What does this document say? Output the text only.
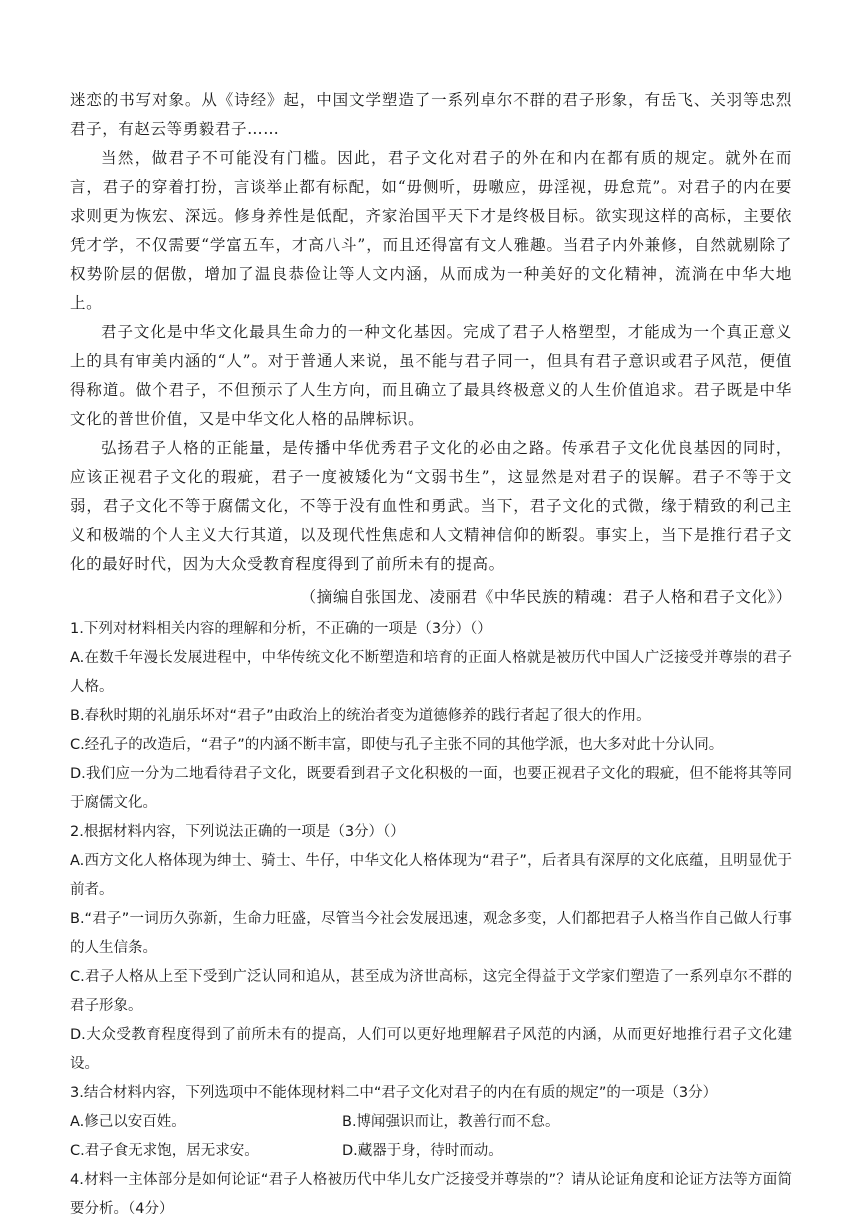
迷恋的书写对象。从《诗经》起，中国文学塑造了一系列卓尔不群的君子形象，有岳飞、关羽等忠烈君子，有赵云等勇毅君子……

当然，做君子不可能没有门槛。因此，君子文化对君子的外在和内在都有质的规定。就外在而言，君子的穿着打扮，言谈举止都有标配，如“毋侧听，毋噭应，毋淫视，毋怠荒”。对君子的内在要求则更为恢宏、深远。修身养性是低配，齐家治国平天下才是终极目标。欲实现这样的高标，主要依凭才学，不仅需要“学富五车，才高八斗”，而且还得富有文人雅趣。当君子内外兼修，自然就剔除了权势阶层的倨傲，增加了温良恭俭让等人文内涵，从而成为一种美好的文化精神，流淌在中华大地上。

君子文化是中华文化最具生命力的一种文化基因。完成了君子人格塑型，才能成为一个真正意义上的具有审美内涵的“人”。对于普通人来说，虽不能与君子同一，但具有君子意识或君子风范，便值得称道。做个君子，不但预示了人生方向，而且确立了最具终极意义的人生价值追求。君子既是中华文化的普世价值，又是中华文化人格的品牌标识。

弘扬君子人格的正能量，是传播中华优秀君子文化的必由之路。传承君子文化优良基因的同时，应该正视君子文化的瑕疵，君子一度被矮化为“文弱书生”，这显然是对君子的误解。君子不等于文弱，君子文化不等于腐儒文化，不等于没有血性和勇武。当下，君子文化的式微，缘于精致的利己主义和极端的个人主义大行其道，以及现代性焦虑和人文精神信仰的断裂。事实上，当下是推行君子文化的最好时代，因为大众受教育程度得到了前所未有的提高。

（摘编自张国龙、凌丽君《中华民族的精魂：君子人格和君子文化》）

1.下列对材料相关内容的理解和分析，不正确的一项是（3分）（）

A.在数千年漫长发展进程中，中华传统文化不断塑造和培育的正面人格就是被历代中国人广泛接受并尊崇的君子人格。

B.春秋时期的礼崩乐坏对“君子”由政治上的统治者变为道德修养的践行者起了很大的作用。

C.经孔子的改造后，“君子”的内涵不断丰富，即使与孔子主张不同的其他学派，也大多对此十分认同。

D.我们应一分为二地看待君子文化，既要看到君子文化积极的一面，也要正视君子文化的瑕疵，但不能将其等同于腐儒文化。

2.根据材料内容，下列说法正确的一项是（3分）（）

A.西方文化人格体现为绅士、骑士、牛仔，中华文化人格体现为“君子”，后者具有深厚的文化底蕴，且明显优于前者。

B.“君子”一词历久弥新，生命力旺盛，尽管当今社会发展迅速，观念多变，人们都把君子人格当作自己做人行事的人生信条。

C.君子人格从上至下受到广泛认同和追从，甚至成为济世高标，这完全得益于文学家们塑造了一系列卓尔不群的君子形象。

D.大众受教育程度得到了前所未有的提高，人们可以更好地理解君子风范的内涵，从而更好地推行君子文化建设。

3.结合材料内容，下列选项中不能体现材料二中“君子文化对君子的内在有质的规定”的一项是（3分）

A.修己以安百姓。	B.博闻强识而让，教善行而不怠。
C.君子食无求饱，居无求安。	D.藏器于身，待时而动。

4.材料一主体部分是如何论证“君子人格被历代中华儿女广泛接受并尊崇的”？请从论证角度和论证方法等方面简要分析。（4分）
